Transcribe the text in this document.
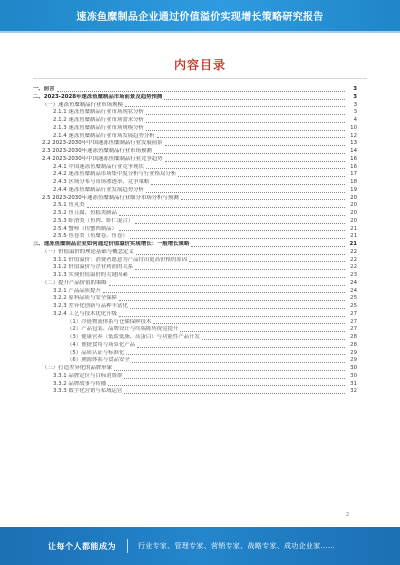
速冻鱼糜制品企业通过价值溢价实现增长策略研究报告
内容目录
一、前言	3
二、2023-2028年速冻鱼糜制品市场前景及趋势预测	3
（一）速冻鱼糜制品行业市场规模	3
2.1.1 速冻鱼糜制品行业市场现状分析	3
2.1.2 速冻鱼糜制品行业市场需求分析	4
2.1.3 速冻鱼糜制品行业市场规模分析	10
2.1.4 速冻鱼糜制品行业市场发展趋势分析	12
2.2 2023-2030年中国速冻鱼糜制品行业发展前景	13
2.3 2023-2030年速冻鱼糜制品行业市场预测	14
2.4 2023-2030年中国速冻鱼糜制品行业竞争趋势	16
2.4.1 中国速冻鱼糜制品行业竞争现状	16
2.4.2 速冻鱼糜制品市场集中度分析与行业格局分析	17
2.4.3 区域分布与市场渗透率、竞争策略	18
2.4.4 速冻鱼糜制品行业发展趋势分析	19
2.5 2023-2030年速冻鱼糜制品行业细分市场分析与预测	20
2.5.1 鱼丸类	20
2.5.2 鱼豆腐、鱼糕类制品	20
2.5.3 虾滑类（鱼肉、虾仁混合）	20
2.5.4 蟹棒（仿蟹肉制品）	21
2.5.5 鱼卷类（鱼糜卷、鱼卷）	21
三、速冻鱼糜制品企业如何通过价值溢价实现增长：一般增长策略	21
（一）价值溢价的理论基础与概念定义	22
3.1.1 价值溢价：消费者愿意为产品付出更高价格的原因	22
3.1.2 价值溢价与企业利润的关系	22
3.1.3 实现价值溢价的关键因素	23
（二）提升产品价值的策略	24
3.2.1 产品品质提升	24
3.2.2 原料品质与安全保障	25
3.2.3 差异化创新与品种丰富化	25
3.2.4 工艺与技术优化升级	27
（1）冷链物流体系与仓储保鲜技术	27
（2）产品包装、品牌设计与终端陈列视觉提升	27
（3）健康营养（低盐低脂、高蛋白）与功能性产品开发	28
（4）便捷食用与场景化产品	28
（5）品质认证与标准化	29
（6）溯源体系与食品安全	29
（三）打造差异化的品牌形象	30
3.3.1 品牌定位与目标消费群	30
3.3.2 品牌故事与传播	31
3.3.3 数字化营销与私域运营	32
2
让每个人都能成为	行业专家、管理专家、营销专家、战略专家、成功企业家……
